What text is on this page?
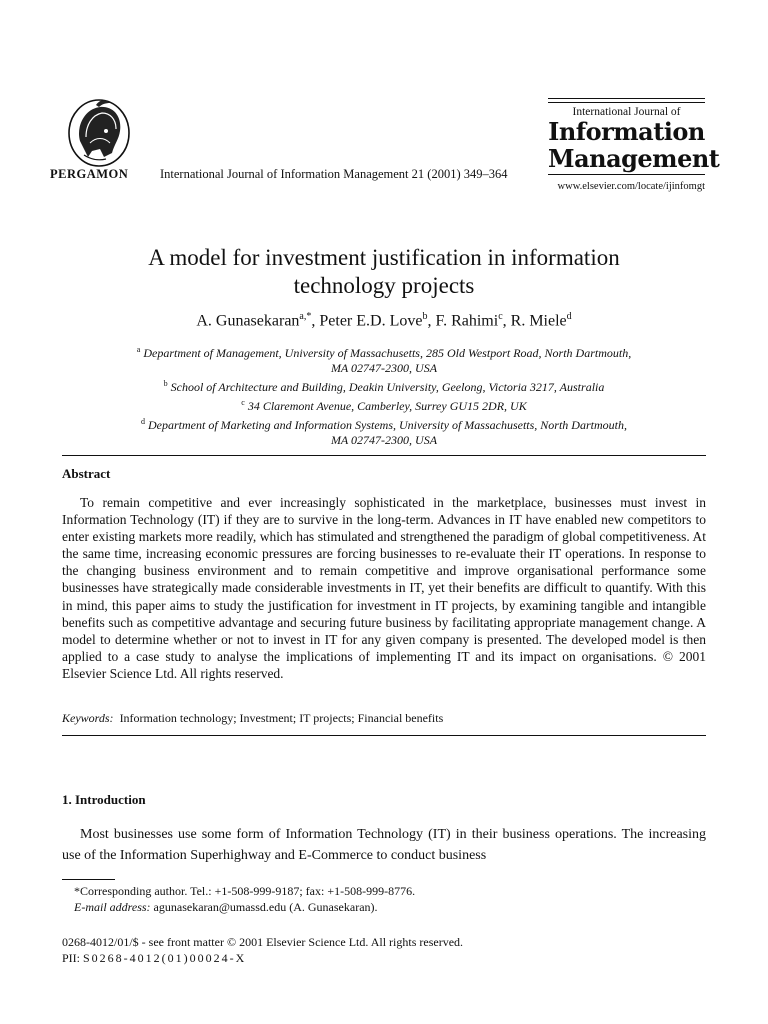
PERGAMON	International Journal of Information Management 21 (2001) 349–364
International Journal of
Information
Management
www.elsevier.com/locate/ijinfomgt
A model for investment justification in information
technology projects
A. Gunasekaran$^{a,*}$, Peter E.D. Love$^b$, F. Rahimi$^c$, R. Miele$^d$
$^a$ Department of Management, University of Massachusetts, 285 Old Westport Road, North Dartmouth,
MA 02747-2300, USA
$^b$ School of Architecture and Building, Deakin University, Geelong, Victoria 3217, Australia
$^c$ 34 Claremont Avenue, Camberley, Surrey GU15 2DR, UK
$^d$ Department of Marketing and Information Systems, University of Massachusetts, North Dartmouth,
MA 02747-2300, USA
Abstract
To remain competitive and ever increasingly sophisticated in the marketplace, businesses must invest in Information Technology (IT) if they are to survive in the long-term. Advances in IT have enabled new competitors to enter existing markets more readily, which has stimulated and strengthened the paradigm of global competitiveness. At the same time, increasing economic pressures are forcing businesses to re-evaluate their IT operations. In response to the changing business environment and to remain competitive and improve organisational performance some businesses have strategically made considerable investments in IT, yet their benefits are difficult to quantify. With this in mind, this paper aims to study the justification for investment in IT projects, by examining tangible and intangible benefits such as competitive advantage and securing future business by facilitating appropriate management change. A model to determine whether or not to invest in IT for any given company is presented. The developed model is then applied to a case study to analyse the implications of implementing IT and its impact on organisations. © 2001 Elsevier Science Ltd. All rights reserved.
Keywords: Information technology; Investment; IT projects; Financial benefits
1. Introduction
Most businesses use some form of Information Technology (IT) in their business operations. The increasing use of the Information Superhighway and E-Commerce to conduct business
*Corresponding author. Tel.: +1-508-999-9187; fax: +1-508-999-8776.
E-mail address: agunasekaran@umassd.edu (A. Gunasekaran).
0268-4012/01/$ - see front matter © 2001 Elsevier Science Ltd. All rights reserved.
PII: S0268-4012(01)00024-X
